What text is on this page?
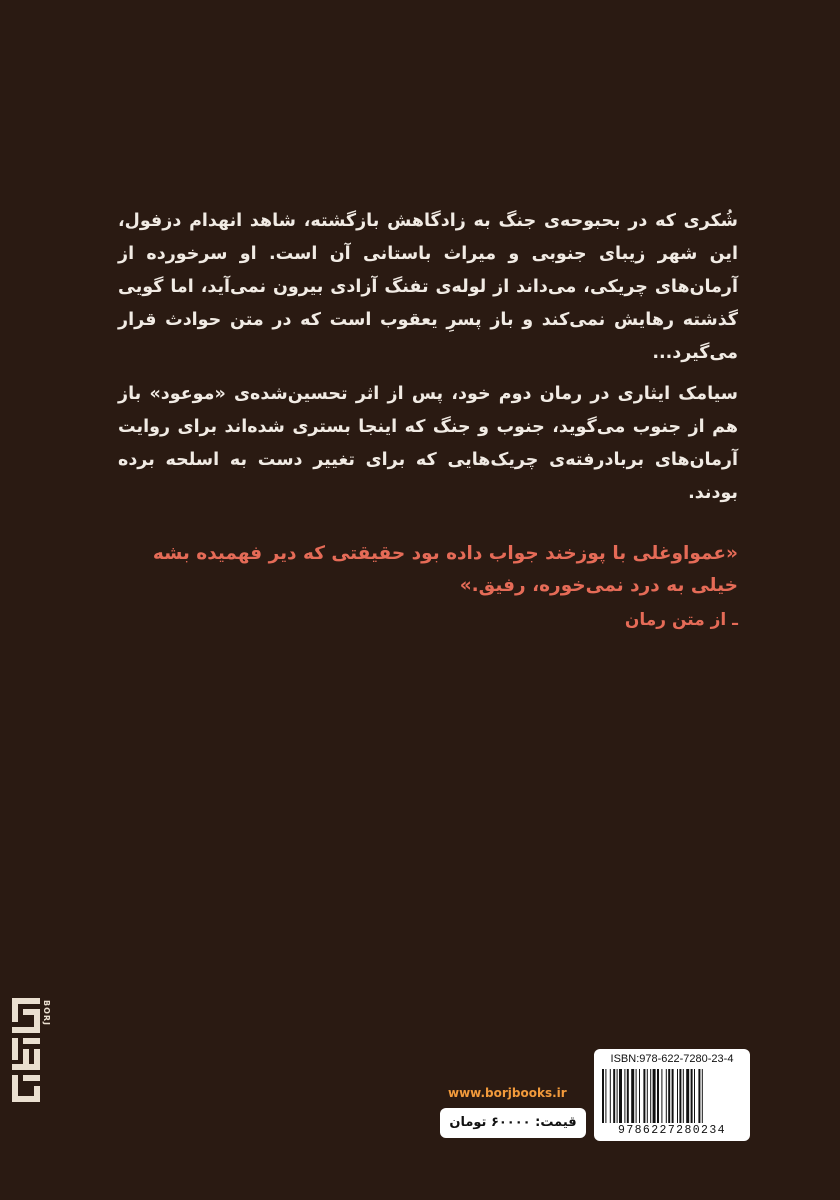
شُکری که در بحبوحه‌ی جنگ به زادگاهش بازگشته، شاهد انهدام دزفول، این شهر زیبای جنوبی و میراث باستانی آن است. او سرخورده از آرمان‌های چریکی، می‌داند از لوله‌ی تفنگ آزادی بیرون نمی‌آید، اما گویی گذشته رهایش نمی‌کند و باز پسرِ یعقوب است که در متن حوادث قرار می‌گیرد...

سیامک ایثاری در رمان دوم خود، پس از اثر تحسین‌شده‌ی «موعود» باز هم از جنوب می‌گوید، جنوب و جنگ که اینجا بستری شده‌اند برای روایت آرمان‌های بربادرفته‌ی چریک‌هایی که برای تغییر دست به اسلحه برده بودند.

«عمواوغلی با پوزخند جواب داده بود حقیقتی که دیر فهمیده بشه خیلی به درد نمی‌خوره، رفیق.»

ـ از متن رمان

BORJ
www.borjbooks.ir
قیمت: ۶۰۰۰۰ تومان
ISBN:978-622-7280-23-4
9786227280234
